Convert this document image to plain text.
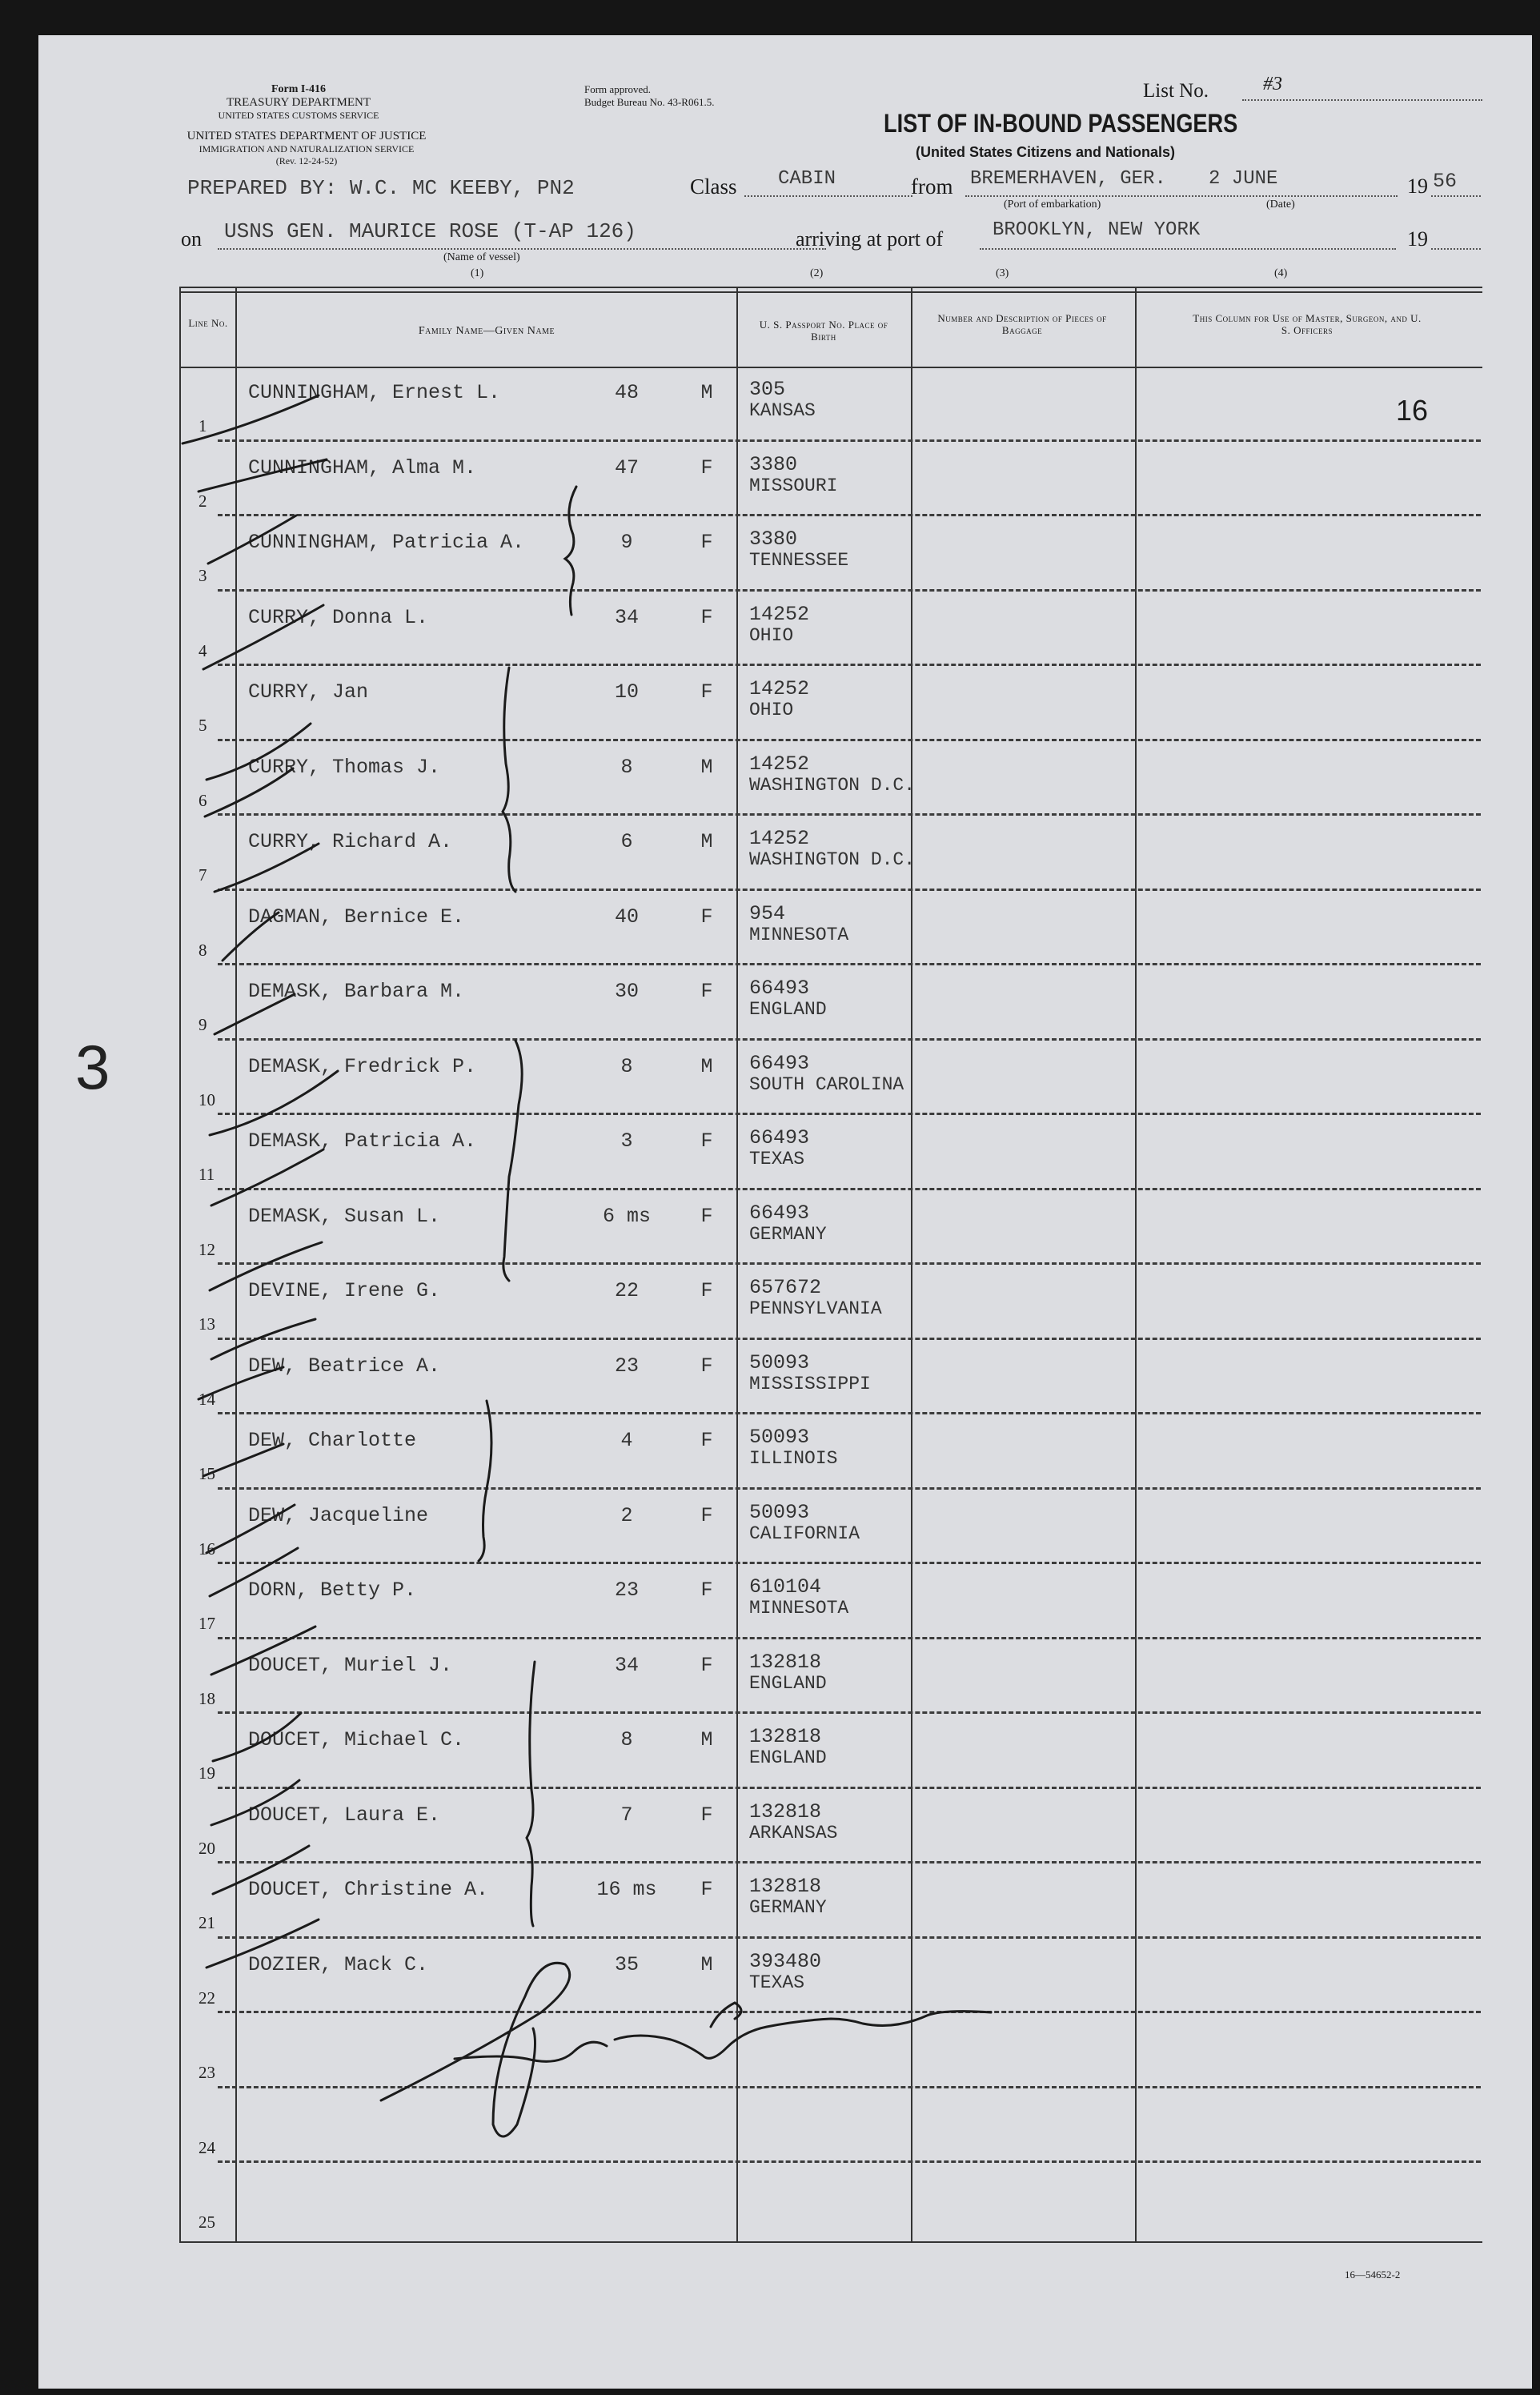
Form I-416
TREASURY DEPARTMENT
UNITED STATES CUSTOMS SERVICE
UNITED STATES DEPARTMENT OF JUSTICE
IMMIGRATION AND NATURALIZATION SERVICE
(Rev. 12-24-52)
Form approved.
Budget Bureau No. 43-R061.5.
List No.	#3
LIST OF IN-BOUND PASSENGERS
(United States Citizens and Nationals)
PREPARED BY: W.C. MC KEEBY, PN2	Class CABIN	from BREMERHAVEN, GER. 2 JUNE	19 56
(Port of embarkation)	(Date)
on USNS GEN. MAURICE ROSE (T-AP 126)	arriving at port of	BROOKLYN, NEW YORK	19
(Name of vessel)
(1)	(2)	(3)	(4)
Line No.
Family Name—Given Name
U. S. Passport No. Place of Birth
Number and Description of Pieces of Baggage
This Column for Use of Master, Surgeon, and U. S. Officers
16
3
1
CUNNINGHAM, Ernest L.	48	M	305
KANSAS
2
CUNNINGHAM, Alma M.	47	F	3380
MISSOURI
3
CUNNINGHAM, Patricia A.	9	F	3380
TENNESSEE
4
CURRY, Donna L.	34	F	14252
OHIO
5
CURRY, Jan	10	F	14252
OHIO
6
CURRY, Thomas J.	8	M	14252
WASHINGTON D.C.
7
CURRY, Richard A.	6	M	14252
WASHINGTON D.C.
8
DAGMAN, Bernice E.	40	F	954
MINNESOTA
9
DEMASK, Barbara M.	30	F	66493
ENGLAND
10
DEMASK, Fredrick P.	8	M	66493
SOUTH CAROLINA
11
DEMASK, Patricia A.	3	F	66493
TEXAS
12
DEMASK, Susan L.	6 ms	F	66493
GERMANY
13
DEVINE, Irene G.	22	F	657672
PENNSYLVANIA
14
DEW, Beatrice A.	23	F	50093
MISSISSIPPI
15
DEW, Charlotte	4	F	50093
ILLINOIS
16
DEW, Jacqueline	2	F	50093
CALIFORNIA
17
DORN, Betty P.	23	F	610104
MINNESOTA
18
DOUCET, Muriel J.	34	F	132818
ENGLAND
19
DOUCET, Michael C.	8	M	132818
ENGLAND
20
DOUCET, Laura E.	7	F	132818
ARKANSAS
21
DOUCET, Christine A.	16 ms	F	132818
GERMANY
22
DOZIER, Mack C.	35	M	393480
TEXAS
23
24
25
16—54652-2
